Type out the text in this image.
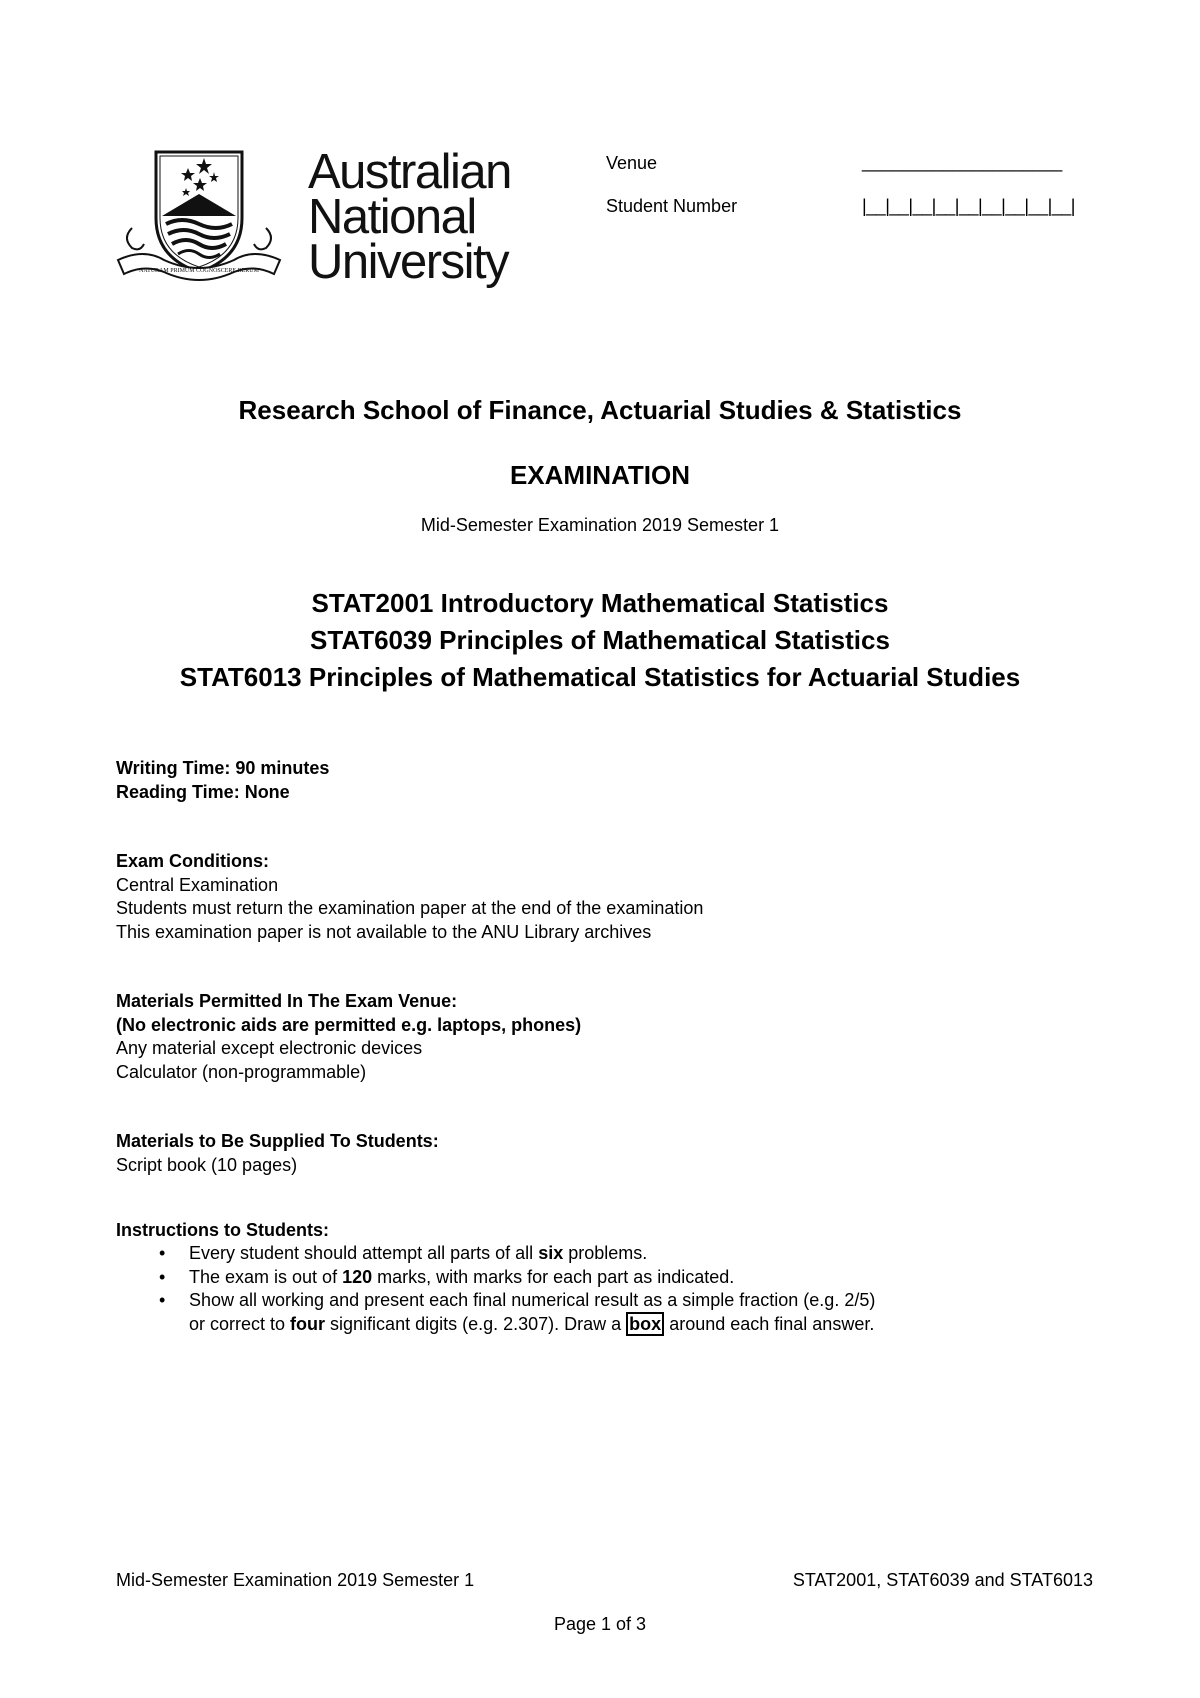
NATURAM PRIMUM COGNOSCERE RERUM
Australian
National
University
Venue	____________________
Student Number	|__|__|__|__|__|__|__|__|__|
Research School of Finance, Actuarial Studies & Statistics
EXAMINATION
Mid-Semester Examination 2019 Semester 1
STAT2001 Introductory Mathematical Statistics
STAT6039 Principles of Mathematical Statistics
STAT6013 Principles of Mathematical Statistics for Actuarial Studies
Writing Time: 90 minutes
Reading Time: None
Exam Conditions:
Central Examination
Students must return the examination paper at the end of the examination
This examination paper is not available to the ANU Library archives
Materials Permitted In The Exam Venue:
(No electronic aids are permitted e.g. laptops, phones)
Any material except electronic devices
Calculator (non-programmable)
Materials to Be Supplied To Students:
Script book (10 pages)
Instructions to Students:
• Every student should attempt all parts of all six problems.
• The exam is out of 120 marks, with marks for each part as indicated.
• Show all working and present each final numerical result as a simple fraction (e.g. 2/5)
or correct to four significant digits (e.g. 2.307). Draw a box around each final answer.
Mid-Semester Examination 2019 Semester 1	STAT2001, STAT6039 and STAT6013
Page 1 of 3
